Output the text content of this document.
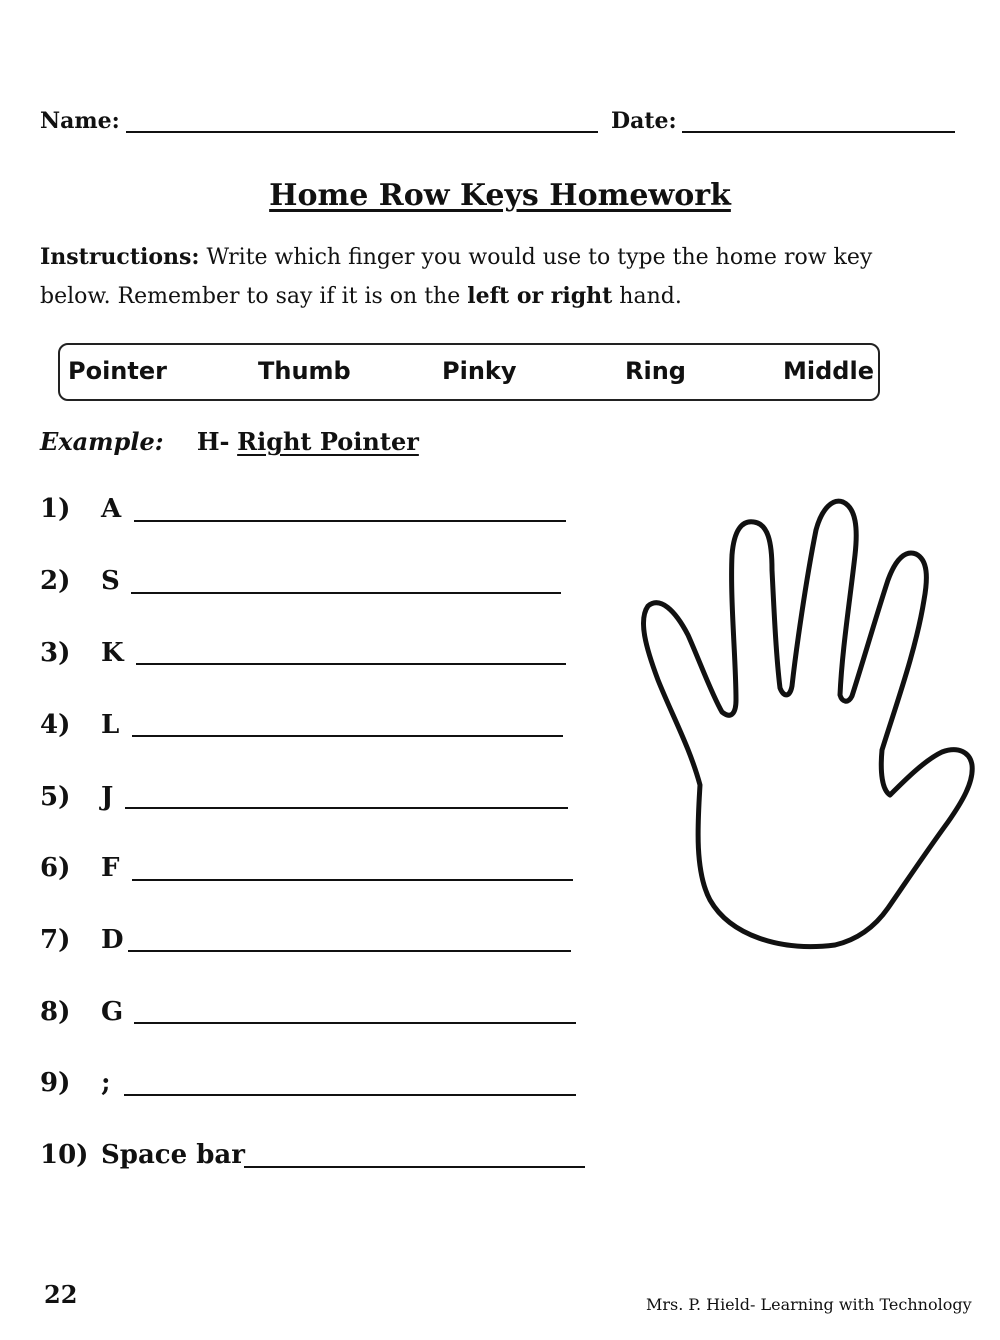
Name:	Date:
Home Row Keys Homework
Instructions: Write which finger you would use to type the home row key below. Remember to say if it is on the left or right hand.
Pointer	Thumb	Pinky	Ring	Middle
Example: H- Right Pointer
1) A
2) S
3) K
4) L
5) J
6) F
7) D
8) G
9) ;
10) Space bar
22	Mrs. P. Hield- Learning with Technology
